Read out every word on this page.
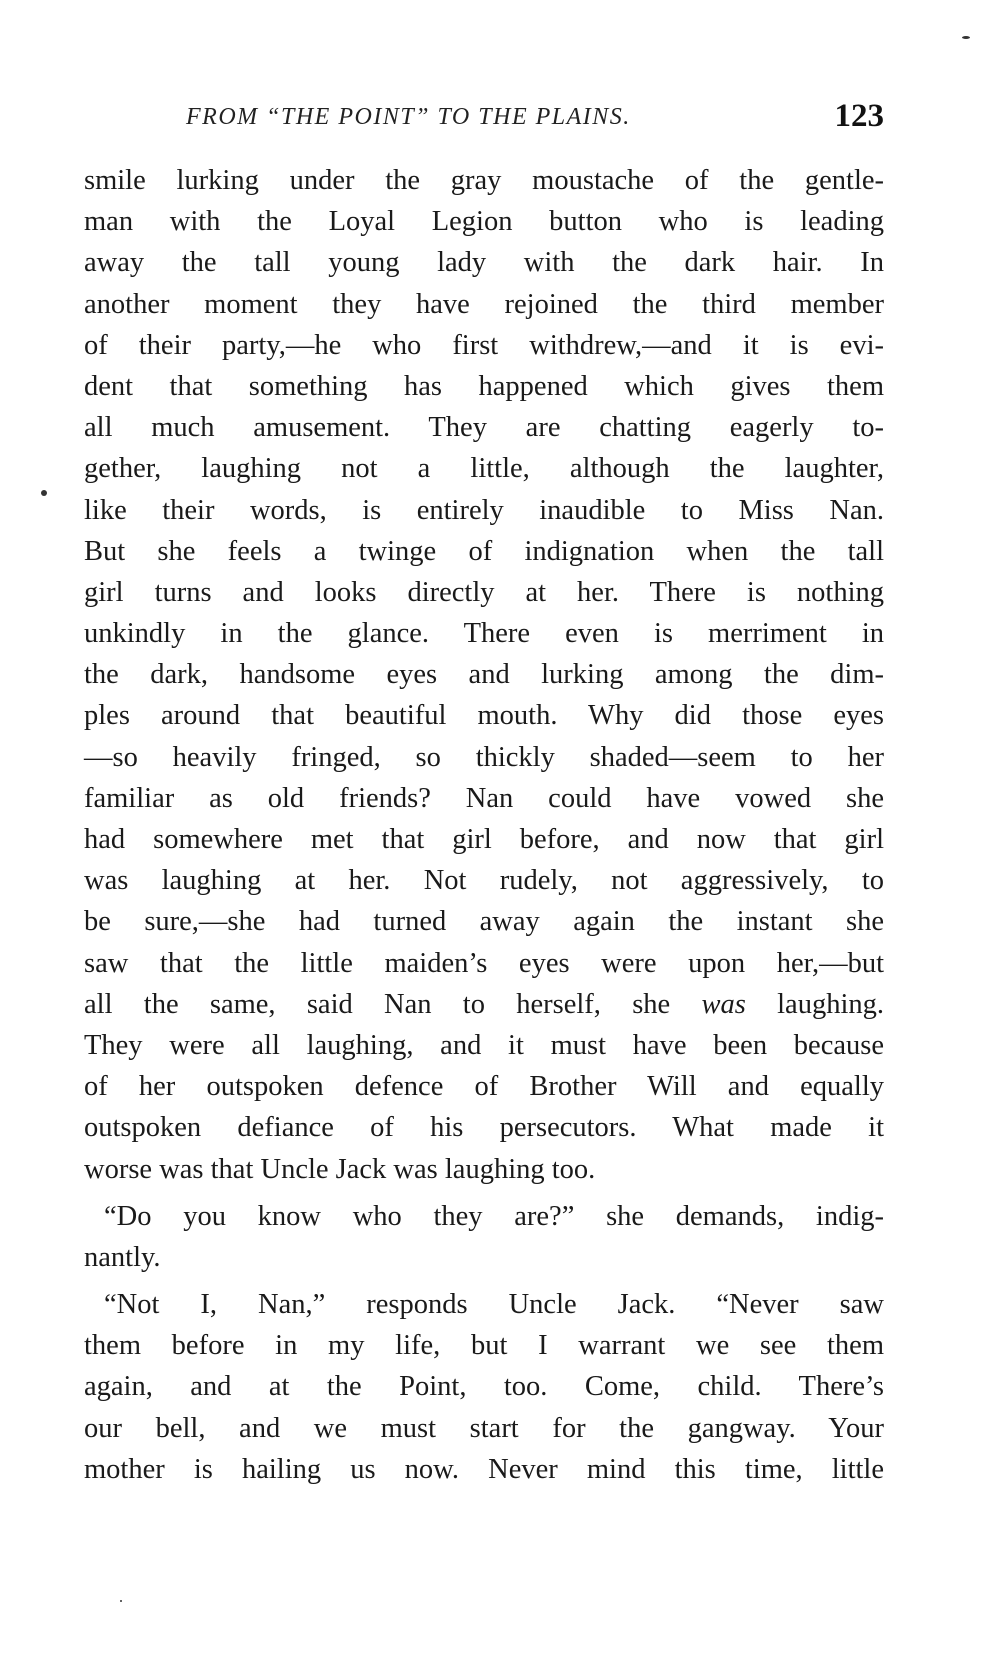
FROM “THE POINT” TO THE PLAINS.	123
smile lurking under the gray moustache of the gentle-
man with the Loyal Legion button who is leading
away the tall young lady with the dark hair. In
another moment they have rejoined the third member
of their party,—he who first withdrew,—and it is evi-
dent that something has happened which gives them
all much amusement. They are chatting eagerly to-
gether, laughing not a little, although the laughter,
like their words, is entirely inaudible to Miss Nan.
But she feels a twinge of indignation when the tall
girl turns and looks directly at her. There is nothing
unkindly in the glance. There even is merriment in
the dark, handsome eyes and lurking among the dim-
ples around that beautiful mouth. Why did those eyes
—so heavily fringed, so thickly shaded—seem to her
familiar as old friends? Nan could have vowed she
had somewhere met that girl before, and now that girl
was laughing at her. Not rudely, not aggressively, to
be sure,—she had turned away again the instant she
saw that the little maiden’s eyes were upon her,—but
all the same, said Nan to herself, she was laughing.
They were all laughing, and it must have been because
of her outspoken defence of Brother Will and equally
outspoken defiance of his persecutors. What made it
worse was that Uncle Jack was laughing too.
“Do you know who they are?” she demands, indig-
nantly.
“Not I, Nan,” responds Uncle Jack. “Never saw
them before in my life, but I warrant we see them
again, and at the Point, too. Come, child. There’s
our bell, and we must start for the gangway. Your
mother is hailing us now. Never mind this time, little
